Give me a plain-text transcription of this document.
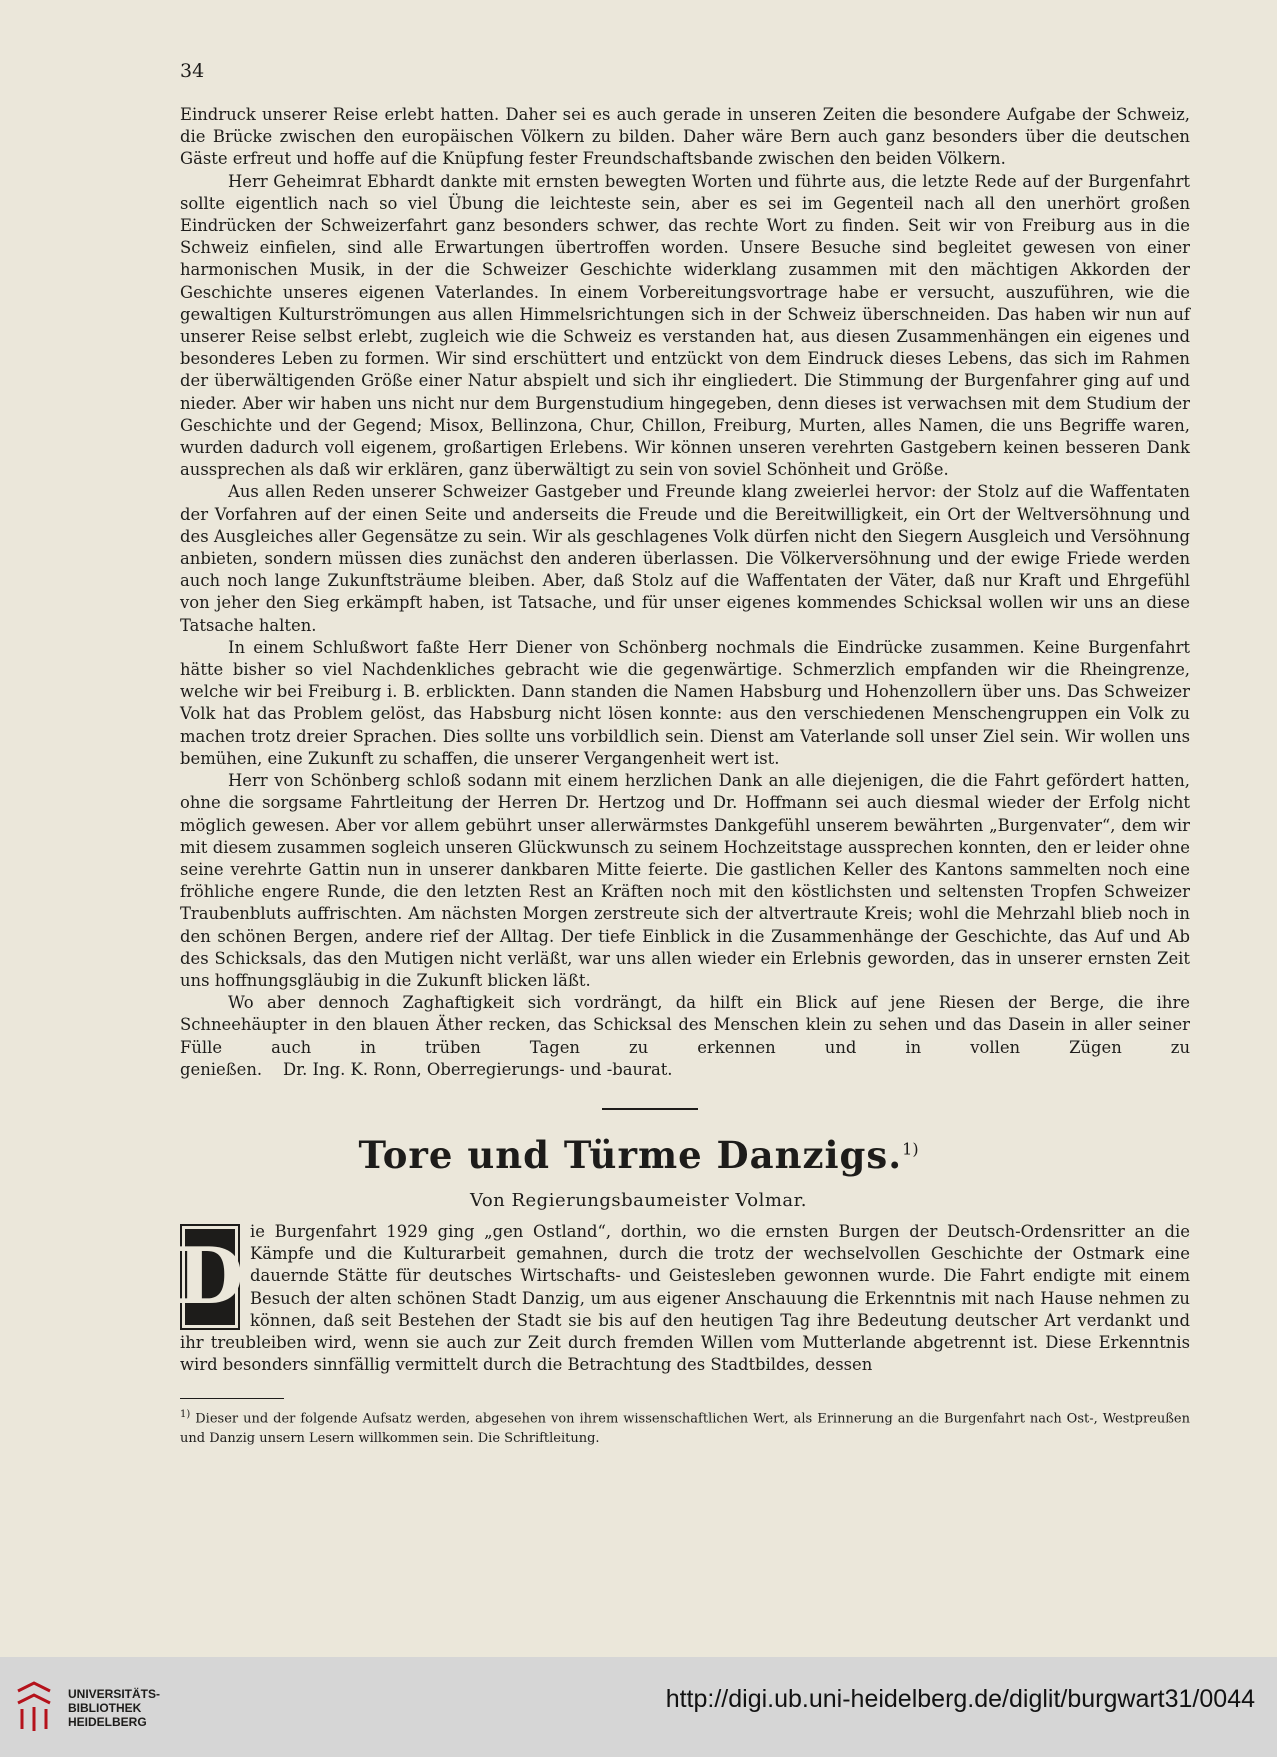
34

Eindruck unserer Reise erlebt hatten. Daher sei es auch gerade in unseren Zeiten die besondere Aufgabe der Schweiz, die Brücke zwischen den europäischen Völkern zu bilden. Daher wäre Bern auch ganz besonders über die deutschen Gäste erfreut und hoffe auf die Knüpfung fester Freundschaftsbande zwischen den beiden Völkern.

Herr Geheimrat Ebhardt dankte mit ernsten bewegten Worten und führte aus, die letzte Rede auf der Burgenfahrt sollte eigentlich nach so viel Übung die leichteste sein, aber es sei im Gegenteil nach all den unerhört großen Eindrücken der Schweizerfahrt ganz besonders schwer, das rechte Wort zu finden. Seit wir von Freiburg aus in die Schweiz einfielen, sind alle Erwartungen übertroffen worden. Unsere Besuche sind begleitet gewesen von einer harmonischen Musik, in der die Schweizer Geschichte widerklang zusammen mit den mächtigen Akkorden der Geschichte unseres eigenen Vaterlandes. In einem Vorbereitungsvortrage habe er versucht, auszuführen, wie die gewaltigen Kulturströmungen aus allen Himmelsrichtungen sich in der Schweiz überschneiden. Das haben wir nun auf unserer Reise selbst erlebt, zugleich wie die Schweiz es verstanden hat, aus diesen Zusammenhängen ein eigenes und besonderes Leben zu formen. Wir sind erschüttert und entzückt von dem Eindruck dieses Lebens, das sich im Rahmen der überwältigenden Größe einer Natur abspielt und sich ihr eingliedert. Die Stimmung der Burgenfahrer ging auf und nieder. Aber wir haben uns nicht nur dem Burgenstudium hingegeben, denn dieses ist verwachsen mit dem Studium der Geschichte und der Gegend; Misox, Bellinzona, Chur, Chillon, Freiburg, Murten, alles Namen, die uns Begriffe waren, wurden dadurch voll eigenem, großartigen Erlebens. Wir können unseren verehrten Gastgebern keinen besseren Dank aussprechen als daß wir erklären, ganz überwältigt zu sein von soviel Schönheit und Größe.

Aus allen Reden unserer Schweizer Gastgeber und Freunde klang zweierlei hervor: der Stolz auf die Waffentaten der Vorfahren auf der einen Seite und anderseits die Freude und die Bereitwilligkeit, ein Ort der Weltversöhnung und des Ausgleiches aller Gegensätze zu sein. Wir als geschlagenes Volk dürfen nicht den Siegern Ausgleich und Versöhnung anbieten, sondern müssen dies zunächst den anderen überlassen. Die Völkerversöhnung und der ewige Friede werden auch noch lange Zukunftsträume bleiben. Aber, daß Stolz auf die Waffentaten der Väter, daß nur Kraft und Ehrgefühl von jeher den Sieg erkämpft haben, ist Tatsache, und für unser eigenes kommendes Schicksal wollen wir uns an diese Tatsache halten.

In einem Schlußwort faßte Herr Diener von Schönberg nochmals die Eindrücke zusammen. Keine Burgenfahrt hätte bisher so viel Nachdenkliches gebracht wie die gegenwärtige. Schmerzlich empfanden wir die Rheingrenze, welche wir bei Freiburg i. B. erblickten. Dann standen die Namen Habsburg und Hohenzollern über uns. Das Schweizer Volk hat das Problem gelöst, das Habsburg nicht lösen konnte: aus den verschiedenen Menschengruppen ein Volk zu machen trotz dreier Sprachen. Dies sollte uns vorbildlich sein. Dienst am Vaterlande soll unser Ziel sein. Wir wollen uns bemühen, eine Zukunft zu schaffen, die unserer Vergangenheit wert ist.

Herr von Schönberg schloß sodann mit einem herzlichen Dank an alle diejenigen, die die Fahrt gefördert hatten, ohne die sorgsame Fahrtleitung der Herren Dr. Hertzog und Dr. Hoffmann sei auch diesmal wieder der Erfolg nicht möglich gewesen. Aber vor allem gebührt unser allerwärmstes Dankgefühl unserem bewährten „Burgenvater“, dem wir mit diesem zusammen sogleich unseren Glückwunsch zu seinem Hochzeitstage aussprechen konnten, den er leider ohne seine verehrte Gattin nun in unserer dankbaren Mitte feierte. Die gastlichen Keller des Kantons sammelten noch eine fröhliche engere Runde, die den letzten Rest an Kräften noch mit den köstlichsten und seltensten Tropfen Schweizer Traubenbluts auffrischten. Am nächsten Morgen zerstreute sich der altvertraute Kreis; wohl die Mehrzahl blieb noch in den schönen Bergen, andere rief der Alltag. Der tiefe Einblick in die Zusammenhänge der Geschichte, das Auf und Ab des Schicksals, das den Mutigen nicht verläßt, war uns allen wieder ein Erlebnis geworden, das in unserer ernsten Zeit uns hoffnungsgläubig in die Zukunft blicken läßt.

Wo aber dennoch Zaghaftigkeit sich vordrängt, da hilft ein Blick auf jene Riesen der Berge, die ihre Schneehäupter in den blauen Äther recken, das Schicksal des Menschen klein zu sehen und das Dasein in aller seiner Fülle auch in trüben Tagen zu erkennen und in vollen Zügen zu genießen. Dr. Ing. K. Ronn, Oberregierungs- und -baurat.

Tore und Türme Danzigs.$^{1)}$
Von Regierungsbaumeister Volmar.
D ie Burgenfahrt 1929 ging „gen Ostland“, dorthin, wo die ernsten Burgen der Deutsch-Ordensritter an die Kämpfe und die Kulturarbeit gemahnen, durch die trotz der wechselvollen Geschichte der Ostmark eine dauernde Stätte für deutsches Wirtschafts- und Geistesleben gewonnen wurde. Die Fahrt endigte mit einem Besuch der alten schönen Stadt Danzig, um aus eigener Anschauung die Erkenntnis mit nach Hause nehmen zu können, daß seit Bestehen der Stadt sie bis auf den heutigen Tag ihre Bedeutung deutscher Art verdankt und ihr treubleiben wird, wenn sie auch zur Zeit durch fremden Willen vom Mutterlande abgetrennt ist. Diese Erkenntnis wird besonders sinnfällig vermittelt durch die Betrachtung des Stadtbildes, dessen

$^{1)}$ Dieser und der folgende Aufsatz werden, abgesehen von ihrem wissenschaftlichen Wert, als Erinnerung an die Burgenfahrt nach Ost-, Westpreußen und Danzig unsern Lesern willkommen sein. Die Schriftleitung.
UNIVERSITÄTS-
BIBLIOTHEK
HEIDELBERG
http://digi.ub.uni-heidelberg.de/diglit/burgwart31/0044
